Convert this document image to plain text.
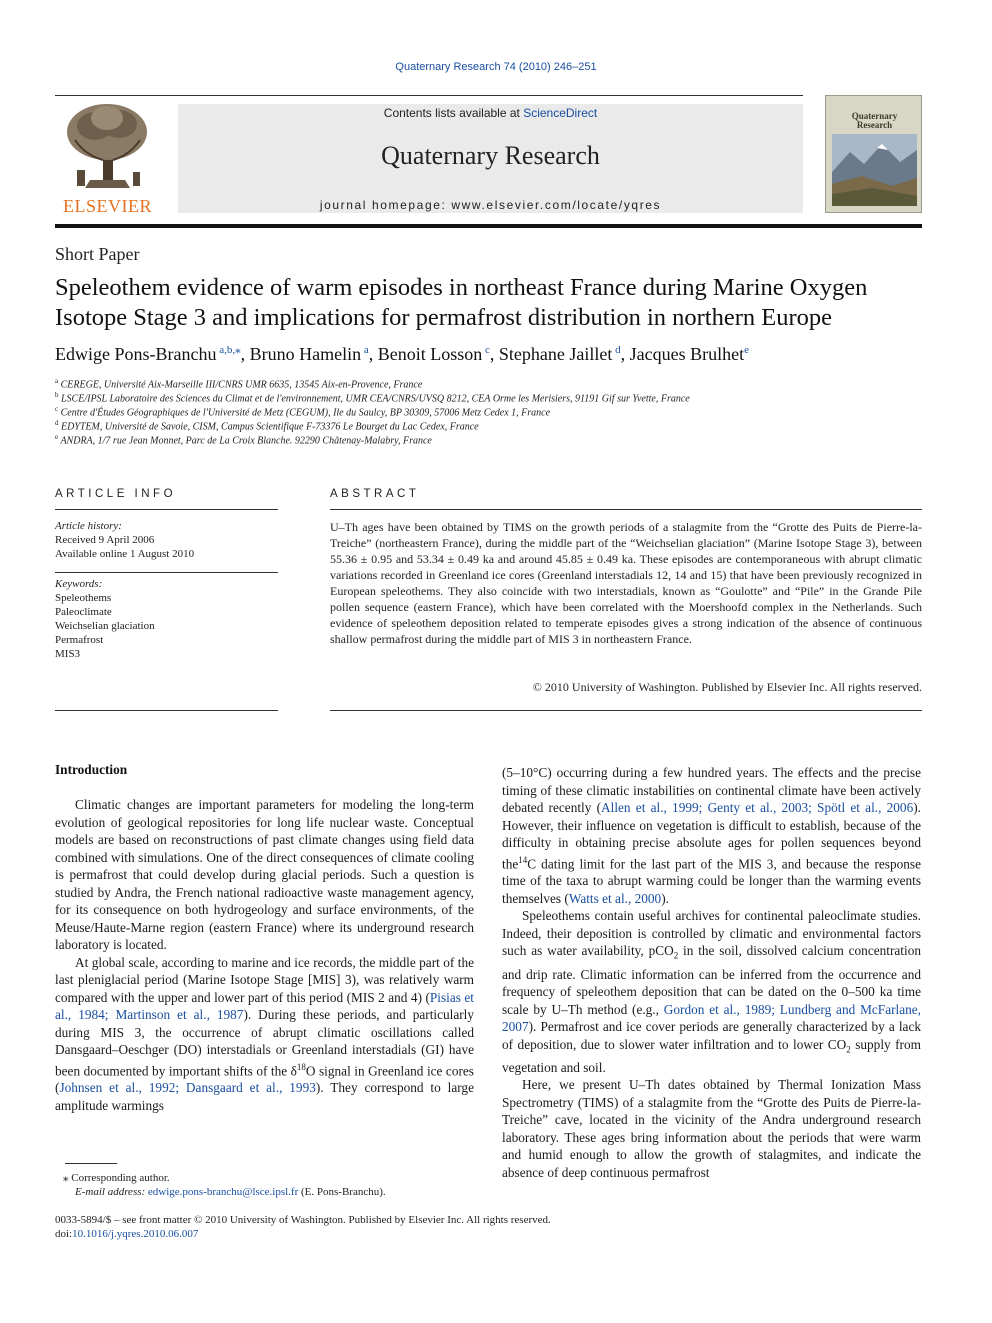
Quaternary Research 74 (2010) 246–251
ELSEVIER
Contents lists available at ScienceDirect
Quaternary Research
journal homepage: www.elsevier.com/locate/yqres
Quaternary
Research
Short Paper
Speleothem evidence of warm episodes in northeast France during Marine Oxygen Isotope Stage 3 and implications for permafrost distribution in northern Europe
Edwige Pons-Branchu $^{a,b,⁎}$, Bruno Hamelin $^a$, Benoit Losson $^c$, Stephane Jaillet $^d$, Jacques Brulhet$^e$
$^a$ CEREGE, Université Aix-Marseille III/CNRS UMR 6635, 13545 Aix-en-Provence, France
$^b$ LSCE/IPSL Laboratoire des Sciences du Climat et de l'environnement, UMR CEA/CNRS/UVSQ 8212, CEA Orme les Merisiers, 91191 Gif sur Yvette, France
$^c$ Centre d'Études Géographiques de l'Université de Metz (CEGUM), Ile du Saulcy, BP 30309, 57006 Metz Cedex 1, France
$^d$ EDYTEM, Université de Savoie, CISM, Campus Scientifique F-73376 Le Bourget du Lac Cedex, France
$^e$ ANDRA, 1/7 rue Jean Monnet, Parc de La Croix Blanche. 92290 Châtenay-Malabry, France
ARTICLE INFO
Article history:
Received 9 April 2006
Available online 1 August 2010
Keywords:
Speleothems
Paleoclimate
Weichselian glaciation
Permafrost
MIS3
ABSTRACT
U–Th ages have been obtained by TIMS on the growth periods of a stalagmite from the “Grotte des Puits de Pierre-la-Treiche” (northeastern France), during the middle part of the “Weichselian glaciation” (Marine Isotope Stage 3), between 55.36 ± 0.95 and 53.34 ± 0.49 ka and around 45.85 ± 0.49 ka. These episodes are contemporaneous with abrupt climatic variations recorded in Greenland ice cores (Greenland interstadials 12, 14 and 15) that have been previously recognized in European speleothems. They also coincide with two interstadials, known as “Goulotte” and “Pile” in the Grande Pile pollen sequence (eastern France), which have been correlated with the Moershoofd complex in the Netherlands. Such evidence of speleothem deposition related to temperate episodes gives a strong indication of the absence of continuous shallow permafrost during the middle part of MIS 3 in northeastern France.
© 2010 University of Washington. Published by Elsevier Inc. All rights reserved.
Introduction

Climatic changes are important parameters for modeling the long-term evolution of geological repositories for long life nuclear waste. Conceptual models are based on reconstructions of past climate changes using field data combined with simulations. One of the direct consequences of climate cooling is permafrost that could develop during glacial periods. Such a question is studied by Andra, the French national radioactive waste management agency, for its consequence on both hydrogeology and surface environments, of the Meuse/Haute-Marne region (eastern France) where its underground research laboratory is located.

At global scale, according to marine and ice records, the middle part of the last pleniglacial period (Marine Isotope Stage [MIS] 3), was relatively warm compared with the upper and lower part of this period (MIS 2 and 4) (Pisias et al., 1984; Martinson et al., 1987). During these periods, and particularly during MIS 3, the occurrence of abrupt climatic oscillations called Dansgaard–Oeschger (DO) interstadials or Greenland interstadials (GI) have been documented by important shifts of the $\delta^{18}O$ signal in Greenland ice cores (Johnsen et al., 1992; Dansgaard et al., 1993). They correspond to large amplitude warmings

(5–10°C) occurring during a few hundred years. The effects and the precise timing of these climatic instabilities on continental climate have been actively debated recently (Allen et al., 1999; Genty et al., 2003; Spötl et al., 2006). However, their influence on vegetation is difficult to establish, because of the difficulty in obtaining precise absolute ages for pollen sequences beyond the$^{14}$C dating limit for the last part of the MIS 3, and because the response time of the taxa to abrupt warming could be longer than the warming events themselves (Watts et al., 2000).

Speleothems contain useful archives for continental paleoclimate studies. Indeed, their deposition is controlled by climatic and environmental factors such as water availability, pCO$_2$ in the soil, dissolved calcium concentration and drip rate. Climatic information can be inferred from the occurrence and frequency of speleothem deposition that can be dated on the 0–500 ka time scale by U–Th method (e.g., Gordon et al., 1989; Lundberg and McFarlane, 2007). Permafrost and ice cover periods are generally characterized by a lack of deposition, due to slower water infiltration and to lower $CO_2$ supply from vegetation and soil.

Here, we present U–Th dates obtained by Thermal Ionization Mass Spectrometry (TIMS) of a stalagmite from the “Grotte des Puits de Pierre-la-Treiche” cave, located in the vicinity of the Andra underground research laboratory. These ages bring information about the periods that were warm and humid enough to allow the growth of stalagmites, and indicate the absence of deep continuous permafrost

⁎ Corresponding author.
E-mail address: edwige.pons-branchu@lsce.ipsl.fr (E. Pons-Branchu).
0033-5894/$ – see front matter © 2010 University of Washington. Published by Elsevier Inc. All rights reserved.
doi:10.1016/j.yqres.2010.06.007
